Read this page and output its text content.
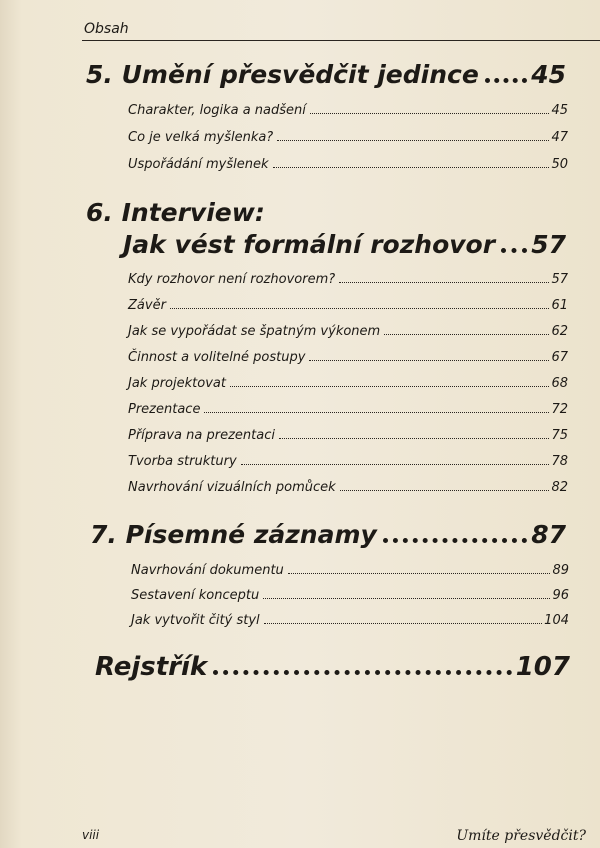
Obsah
5. Umění přesvědčit jedince 45
Charakter, logika a nadšení	45
Co je velká myšlenka?	47
Uspořádání myšlenek	50
6. Interview:
Jak vést formální rozhovor 57
Kdy rozhovor není rozhovorem?	57
Závěr	61
Jak se vypořádat se špatným výkonem	62
Činnost a volitelné postupy	67
Jak projektovat	68
Prezentace	72
Příprava na prezentaci	75
Tvorba struktury	78
Navrhování vizuálních pomůcek	82
7. Písemné záznamy	87
Navrhování dokumentu	89
Sestavení konceptu	96
Jak vytvořit čitý styl	104
Rejstřík	107
viii	Umíte přesvědčit?
